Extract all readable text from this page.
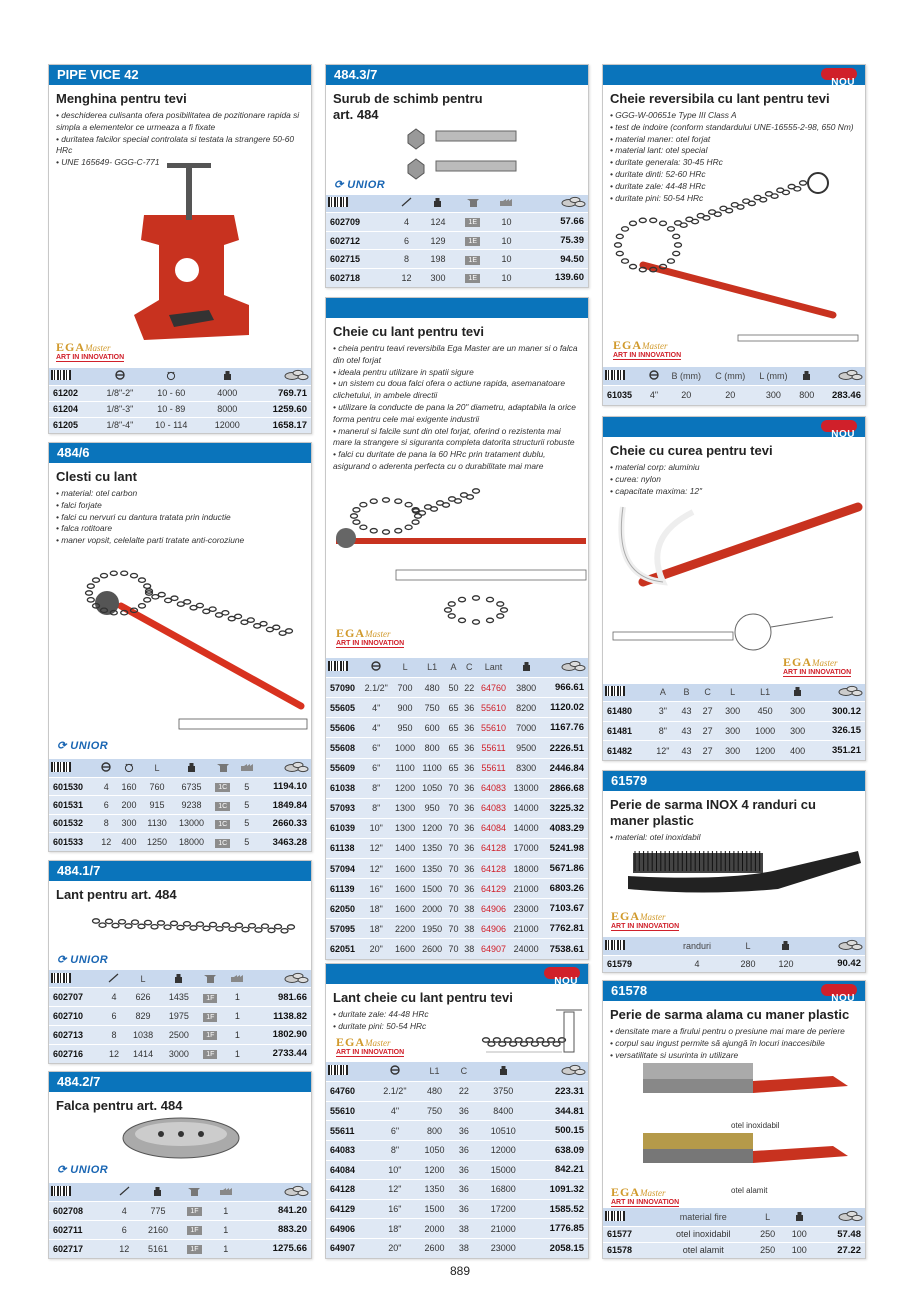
PIPE VICE 42
Menghina pentru tevi
• deschiderea culisanta ofera posibilitatea de pozitionare rapida si simpla a elementelor ce urmeaza a fi fixate
• duritatea falcilor special controlata si testata la strangere 50-60 HRc
• UNE 165649- GGG-C-771
EGAMaster
ART IN INNOVATION

61202	1/8"-2"	10 - 60		4000	769.71
61204	1/8"-3"	10 - 89		8000	1259.60
61205	1/8"-4"	10 - 114		12000	1658.17
484/6
Clesti cu lant
• material: otel carbon
• falci forjate
• falci cu nervuri cu dantura tratata prin inductie
• falca rotitoare
• maner vopsit, celelalte parti tratate anti-coroziune
⟳ UNIOR
			L				
601530	4	160	760	6735	1C	5	1194.10
601531	6	200	915	9238	1C	5	1849.84
601532	8	300	1130	13000	1C	5	2660.33
601533	12	400	1250	18000	1C	5	3463.28
484.1/7
Lant pentru art. 484
⟳ UNIOR
		L				
602707	4	626	1435	1F	1	981.66
602710	6	829	1975	1F	1	1138.82
602713	8	1038	2500	1F	1	1802.90
602716	12	1414	3000	1F	1	2733.44
484.2/7
Falca pentru art. 484
⟳ UNIOR

602708	4	775	1F	1	841.20
602711	6	2160	1F	1	883.20
602717	12	5161	1F	1	1275.66
484.3/7
Surub de schimb pentru art. 484
⟳ UNIOR

602709	4	124	1E	10	57.66
602712	6	129	1E	10	75.39
602715	8	198	1E	10	94.50
602718	12	300	1E	10	139.60
Cheie cu lant pentru tevi
• cheia pentru teavi reversibila Ega Master are un maner si o falca din otel forjat
• ideala pentru utilizare in spatii sigure
• un sistem cu doua falci ofera o actiune rapida, asemanatoare clichetului, in ambele directii
• utilizare la conducte de pana la 20" diametru, adaptabila la orice forma pentru cele mai exigente industrii
• manerul si falcile sunt din otel forjat, oferind o rezistenta mai mare la strangere si siguranta completa datorita structurii robuste
• falci cu duritate de pana la 60 HRc prin tratament dublu, asigurand o aderenta perfecta cu o durabilitate mai mare
EGAMaster
ART IN INNOVATION
		L	L1	A	C	Lant		
57090	2.1/2"	700	480	50	22	64760	3800	966.61
55605	4"	900	750	65	36	55610	8200	1120.02
55606	4"	950	600	65	36	55610	7000	1167.76
55608	6"	1000	800	65	36	55611	9500	2226.51
55609	6"	1100	1100	65	36	55611	8300	2446.84
61038	8"	1200	1050	70	36	64083	13000	2866.68
57093	8"	1300	950	70	36	64083	14000	3225.32
61039	10"	1300	1200	70	36	64084	14000	4083.29
61138	12"	1400	1350	70	36	64128	17000	5241.98
57094	12"	1600	1350	70	36	64128	18000	5671.86
61139	16"	1600	1500	70	36	64129	21000	6803.26
62050	18"	1600	2000	70	38	64906	23000	7103.67
57095	18"	2200	1950	70	38	64906	21000	7762.81
62051	20"	1600	2600	70	38	64907	24000	7538.61
NOU
Lant cheie cu lant pentru tevi
• duritate zale: 44-48 HRc
• duritate pini: 50-54 HRc
EGAMaster
ART IN INNOVATION
		L1	C			
64760	2.1/2"	480	22		3750	223.31
55610	4"	750	36		8400	344.81
55611	6"	800	36		10510	500.15
64083	8"	1050	36		12000	638.09
64084	10"	1200	36		15000	842.21
64128	12"	1350	36		16800	1091.32
64129	16"	1500	36		17200	1585.52
64906	18"	2000	38		21000	1776.85
64907	20"	2600	38		23000	2058.15
NOU
Cheie reversibila cu lant pentru tevi
• GGG-W-00651e Type III Class A
• test de indoire (conform standardului UNE-16555-2-98, 650 Nm)
• material maner: otel forjat
• material lant: otel special
• duritate generala: 30-45 HRc
• duritate dinti: 52-60 HRc
• duritate zale: 44-48 HRc
• duritate pini: 50-54 HRc
EGAMaster
ART IN INNOVATION
		B (mm)	C (mm)	L (mm)		
61035	4"	20	20	300	800	283.46
NOU
Cheie cu curea pentru tevi
• material corp: aluminiu
• curea: nylon
• capacitate maxima: 12"
EGAMaster
ART IN INNOVATION
	A	B	C	L	L1		
61480	3"	43	27	300	450	300	300.12
61481	8"	43	27	300	1000	300	326.15
61482	12"	43	27	300	1200	400	351.21
61579
Perie de sarma INOX 4 randuri cu maner plastic
• material: otel inoxidabil
EGAMaster
ART IN INNOVATION
	randuri	L		
61579	4	280	120	90.42
61578
NOU
Perie de sarma alama cu maner plastic
• densitate mare a firului pentru o presiune mai mare de periere
• corpul sau ingust permite să ajungă în locuri inaccesibile
• versatilitate si usurinta in utilizare
EGAMaster
ART IN INNOVATION
otel inoxidabil
otel alamit
	material fire	L		
61577	otel inoxidabil	250	100	57.48
61578	otel alamit	250	100	27.22
889
